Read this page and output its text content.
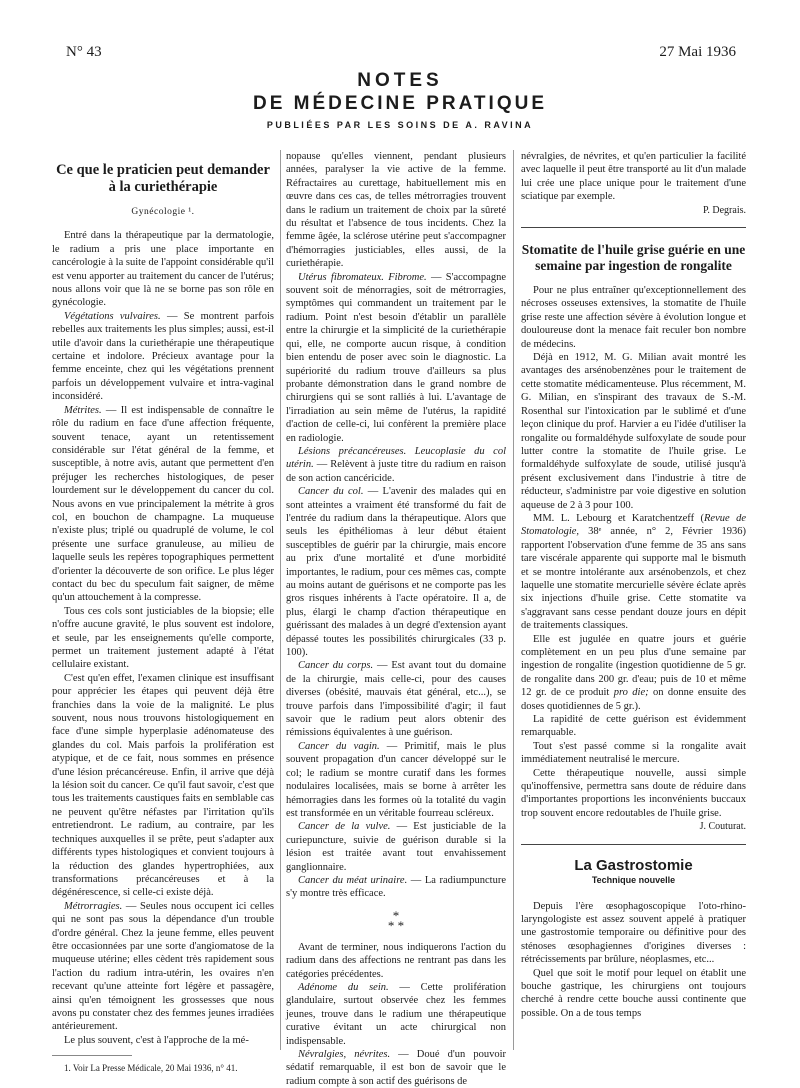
N° 43	27 Mai 1936
NOTES
DE MÉDECINE PRATIQUE
PUBLIÉES PAR LES SOINS DE A. RAVINA
Ce que le praticien peut demander à la curiethérapie
Gynécologie ¹.

Entré dans la thérapeutique par la dermatologie, le radium a pris une place importante en cancérologie à la suite de l'appoint considérable qu'il est venu apporter au traitement du cancer de l'utérus; nous allons voir que là ne se borne pas son rôle en gynécologie.

Végétations vulvaires. — Se montrent parfois rebelles aux traitements les plus simples; aussi, est-il utile d'avoir dans la curiethérapie une thérapeutique certaine et indolore. Précieux avantage pour la femme enceinte, chez qui les végétations prennent parfois un développement vulvaire et intra-vaginal inconsidéré.

Métrites. — Il est indispensable de connaître le rôle du radium en face d'une affection fréquente, souvent tenace, ayant un retentissement considérable sur l'état général de la femme, et susceptible, à notre avis, autant que permettent d'en préjuger les recherches histologiques, de peser lourdement sur le développement du cancer du col. Nous avons en vue principalement la métrite à gros col, en bouchon de champagne. La muqueuse n'existe plus; triplé ou quadruplé de volume, le col présente une surface granuleuse, au milieu de laquelle seuls les repères topographiques permettent d'orienter la découverte de son orifice. Le plus léger contact du bec du speculum fait saigner, de même qu'un attouchement à la compresse.

Tous ces cols sont justiciables de la biopsie; elle n'offre aucune gravité, le plus souvent est indolore, et seule, par les enseignements qu'elle comporte, permet un traitement justement adapté à l'état cellulaire existant.

C'est qu'en effet, l'examen clinique est insuffisant pour apprécier les étapes qui peuvent déjà être franchies dans la voie de la malignité. Le plus souvent, nous nous trouvons histologiquement en face d'une simple hyperplasie adénomateuse des glandes du col. Mais parfois la prolifération est atypique, et de ce fait, nous sommes en présence d'une lésion précancéreuse. Enfin, il arrive que déjà la lésion soit du cancer. Ce qu'il faut savoir, c'est que tous les traitements caustiques faits en semblable cas ne peuvent qu'être néfastes par l'irritation qu'ils entretiendront. Le radium, au contraire, par les techniques auxquelles il se prête, peut s'adapter aux différents types histologiques et convient toujours à la réduction des glandes hypertrophiées, aux transformations précancéreuses et à la dégénérescence, si celle-ci existe déjà.

Métrorragies. — Seules nous occupent ici celles qui ne sont pas sous la dépendance d'un trouble d'ordre général. Chez la jeune femme, elles peuvent être occasionnées par une sorte d'angiomatose de la muqueuse utérine; elles cèdent très rapidement sous l'action du radium intra-utérin, les ovaires n'en recevant qu'une atteinte fort légère et passagère, ainsi qu'en témoignent les grossesses que nous avons pu constater chez des femmes jeunes irradiées antérieurement.

Le plus souvent, c'est à l'approche de la mé-

1. Voir La Presse Médicale, 20 Mai 1936, n° 41.

nopause qu'elles viennent, pendant plusieurs années, paralyser la vie active de la femme. Réfractaires au curettage, habituellement mis en œuvre dans ces cas, de telles métrorragies trouvent dans le radium un traitement de choix par la sûreté du résultat et l'absence de tous incidents. Chez la femme âgée, la sclérose utérine peut s'accompagner d'hémorragies justiciables, elles aussi, de la curiethérapie.

Utérus fibromateux. Fibrome. — S'accompagne souvent soit de ménorragies, soit de métrorragies, symptômes qui commandent un traitement par le radium. Point n'est besoin d'établir un parallèle entre la chirurgie et la simplicité de la curiethérapie qui, elle, ne comporte aucun risque, à condition bien entendu de poser avec soin le diagnostic. La supériorité du radium trouve d'ailleurs sa plus probante démonstration dans le grand nombre de chirurgiens qui se sont ralliés à lui. L'avantage de l'irradiation au sein même de l'utérus, la rapidité d'action de celle-ci, lui confèrent la première place en radiologie.

Lésions précancéreuses. Leucoplasie du col utérin. — Relèvent à juste titre du radium en raison de son action cancéricide.

Cancer du col. — L'avenir des malades qui en sont atteintes a vraiment été transformé du fait de l'entrée du radium dans la thérapeutique. Alors que seuls les épithéliomas à leur début étaient susceptibles de guérir par la chirurgie, mais encore au prix d'une mortalité et d'une morbidité importantes, le radium, pour ces mêmes cas, compte au moins autant de guérisons et ne comporte pas les gros risques inhérents à l'acte opératoire. Il a, de plus, élargi le champ d'action thérapeutique en guérissant des malades à un degré d'extension ayant dépassé toutes les possibilités chirurgicales (33 p. 100).

Cancer du corps. — Est avant tout du domaine de la chirurgie, mais celle-ci, pour des causes diverses (obésité, mauvais état général, etc...), se trouve parfois dans l'impossibilité d'agir; il faut savoir que le radium peut alors obtenir des rémissions équivalentes à une guérison.

Cancer du vagin. — Primitif, mais le plus souvent propagation d'un cancer développé sur le col; le radium se montre curatif dans les formes nodulaires localisées, mais se borne à arrêter les hémorragies dans les formes où la totalité du vagin est transformée en un véritable fourreau scléreux.

Cancer de la vulve. — Est justiciable de la curiepuncture, suivie de guérison durable si la lésion est traitée avant tout envahissement ganglionnaire.

Cancer du méat urinaire. — La radiumpuncture s'y montre très efficace.

*
* *

Avant de terminer, nous indiquerons l'action du radium dans des affections ne rentrant pas dans les catégories précédentes.

Adénome du sein. — Cette prolifération glandulaire, surtout observée chez les femmes jeunes, trouve dans le radium une thérapeutique curative évitant un acte chirurgical non indispensable.

Névralgies, névrites. — Doué d'un pouvoir sédatif remarquable, il est bon de savoir que le radium compte à son actif des guérisons de

névralgies, de névrites, et qu'en particulier la facilité avec laquelle il peut être transporté au lit d'un malade lui crée une place unique pour le traitement d'une sciatique par exemple.

P. Degrais.

Stomatite de l'huile grise guérie en une semaine par ingestion de rongalite

Pour ne plus entraîner qu'exceptionnellement des nécroses osseuses extensives, la stomatite de l'huile grise reste une affection sévère à évolution longue et douloureuse dont la menace fait reculer bon nombre de médecins.

Déjà en 1912, M. G. Milian avait montré les avantages des arsénobenzènes pour le traitement de cette stomatite médicamenteuse. Plus récemment, M. G. Milian, en s'inspirant des travaux de S.-M. Rosenthal sur l'intoxication par le sublimé et d'une leçon clinique du prof. Harvier a eu l'idée d'utiliser la rongalite ou formaldéhyde sulfoxylate de soude pour lutter contre la stomatite de l'huile grise. Le formaldéhyde sulfoxylate de soude, utilisé jusqu'à présent exclusivement dans l'industrie à titre de réducteur, s'administre par voie digestive en solution aqueuse de 2 à 3 pour 100.

MM. L. Lebourg et Karatchentzeff (Revue de Stomatologie, 38ᵉ année, n° 2, Février 1936) rapportent l'observation d'une femme de 35 ans sans tare viscérale apparente qui supporte mal le bismuth et se montre intolérante aux arsénobenzols, et chez laquelle une stomatite mercurielle sévère éclate après six injections d'huile grise. Cette stomatite va s'aggravant sans cesse pendant douze jours en dépit de traitements classiques.

Elle est jugulée en quatre jours et guérie complètement en un peu plus d'une semaine par ingestion de rongalite (ingestion quotidienne de 5 gr. de rongalite dans 200 gr. d'eau; puis de 10 et même 12 gr. de ce produit pro die; on donne ensuite des doses quotidiennes de 5 gr.).

La rapidité de cette guérison est évidemment remarquable.

Tout s'est passé comme si la rongalite avait immédiatement neutralisé le mercure.

Cette thérapeutique nouvelle, aussi simple qu'inoffensive, permettra sans doute de réduire dans d'importantes proportions les inconvénients buccaux trop souvent encore redoutables de l'huile grise.

J. Couturat.

La Gastrostomie
Technique nouvelle

Depuis l'ère œsophagoscopique l'oto-rhino-laryngologiste est assez souvent appelé à pratiquer une gastrostomie temporaire ou définitive pour des sténoses œsophagiennes d'origines diverses : rétrécissements par brûlure, néoplasmes, etc...

Quel que soit le motif pour lequel on établit une bouche gastrique, les chirurgiens ont toujours cherché à rendre cette bouche aussi continente que possible. On a de tous temps
